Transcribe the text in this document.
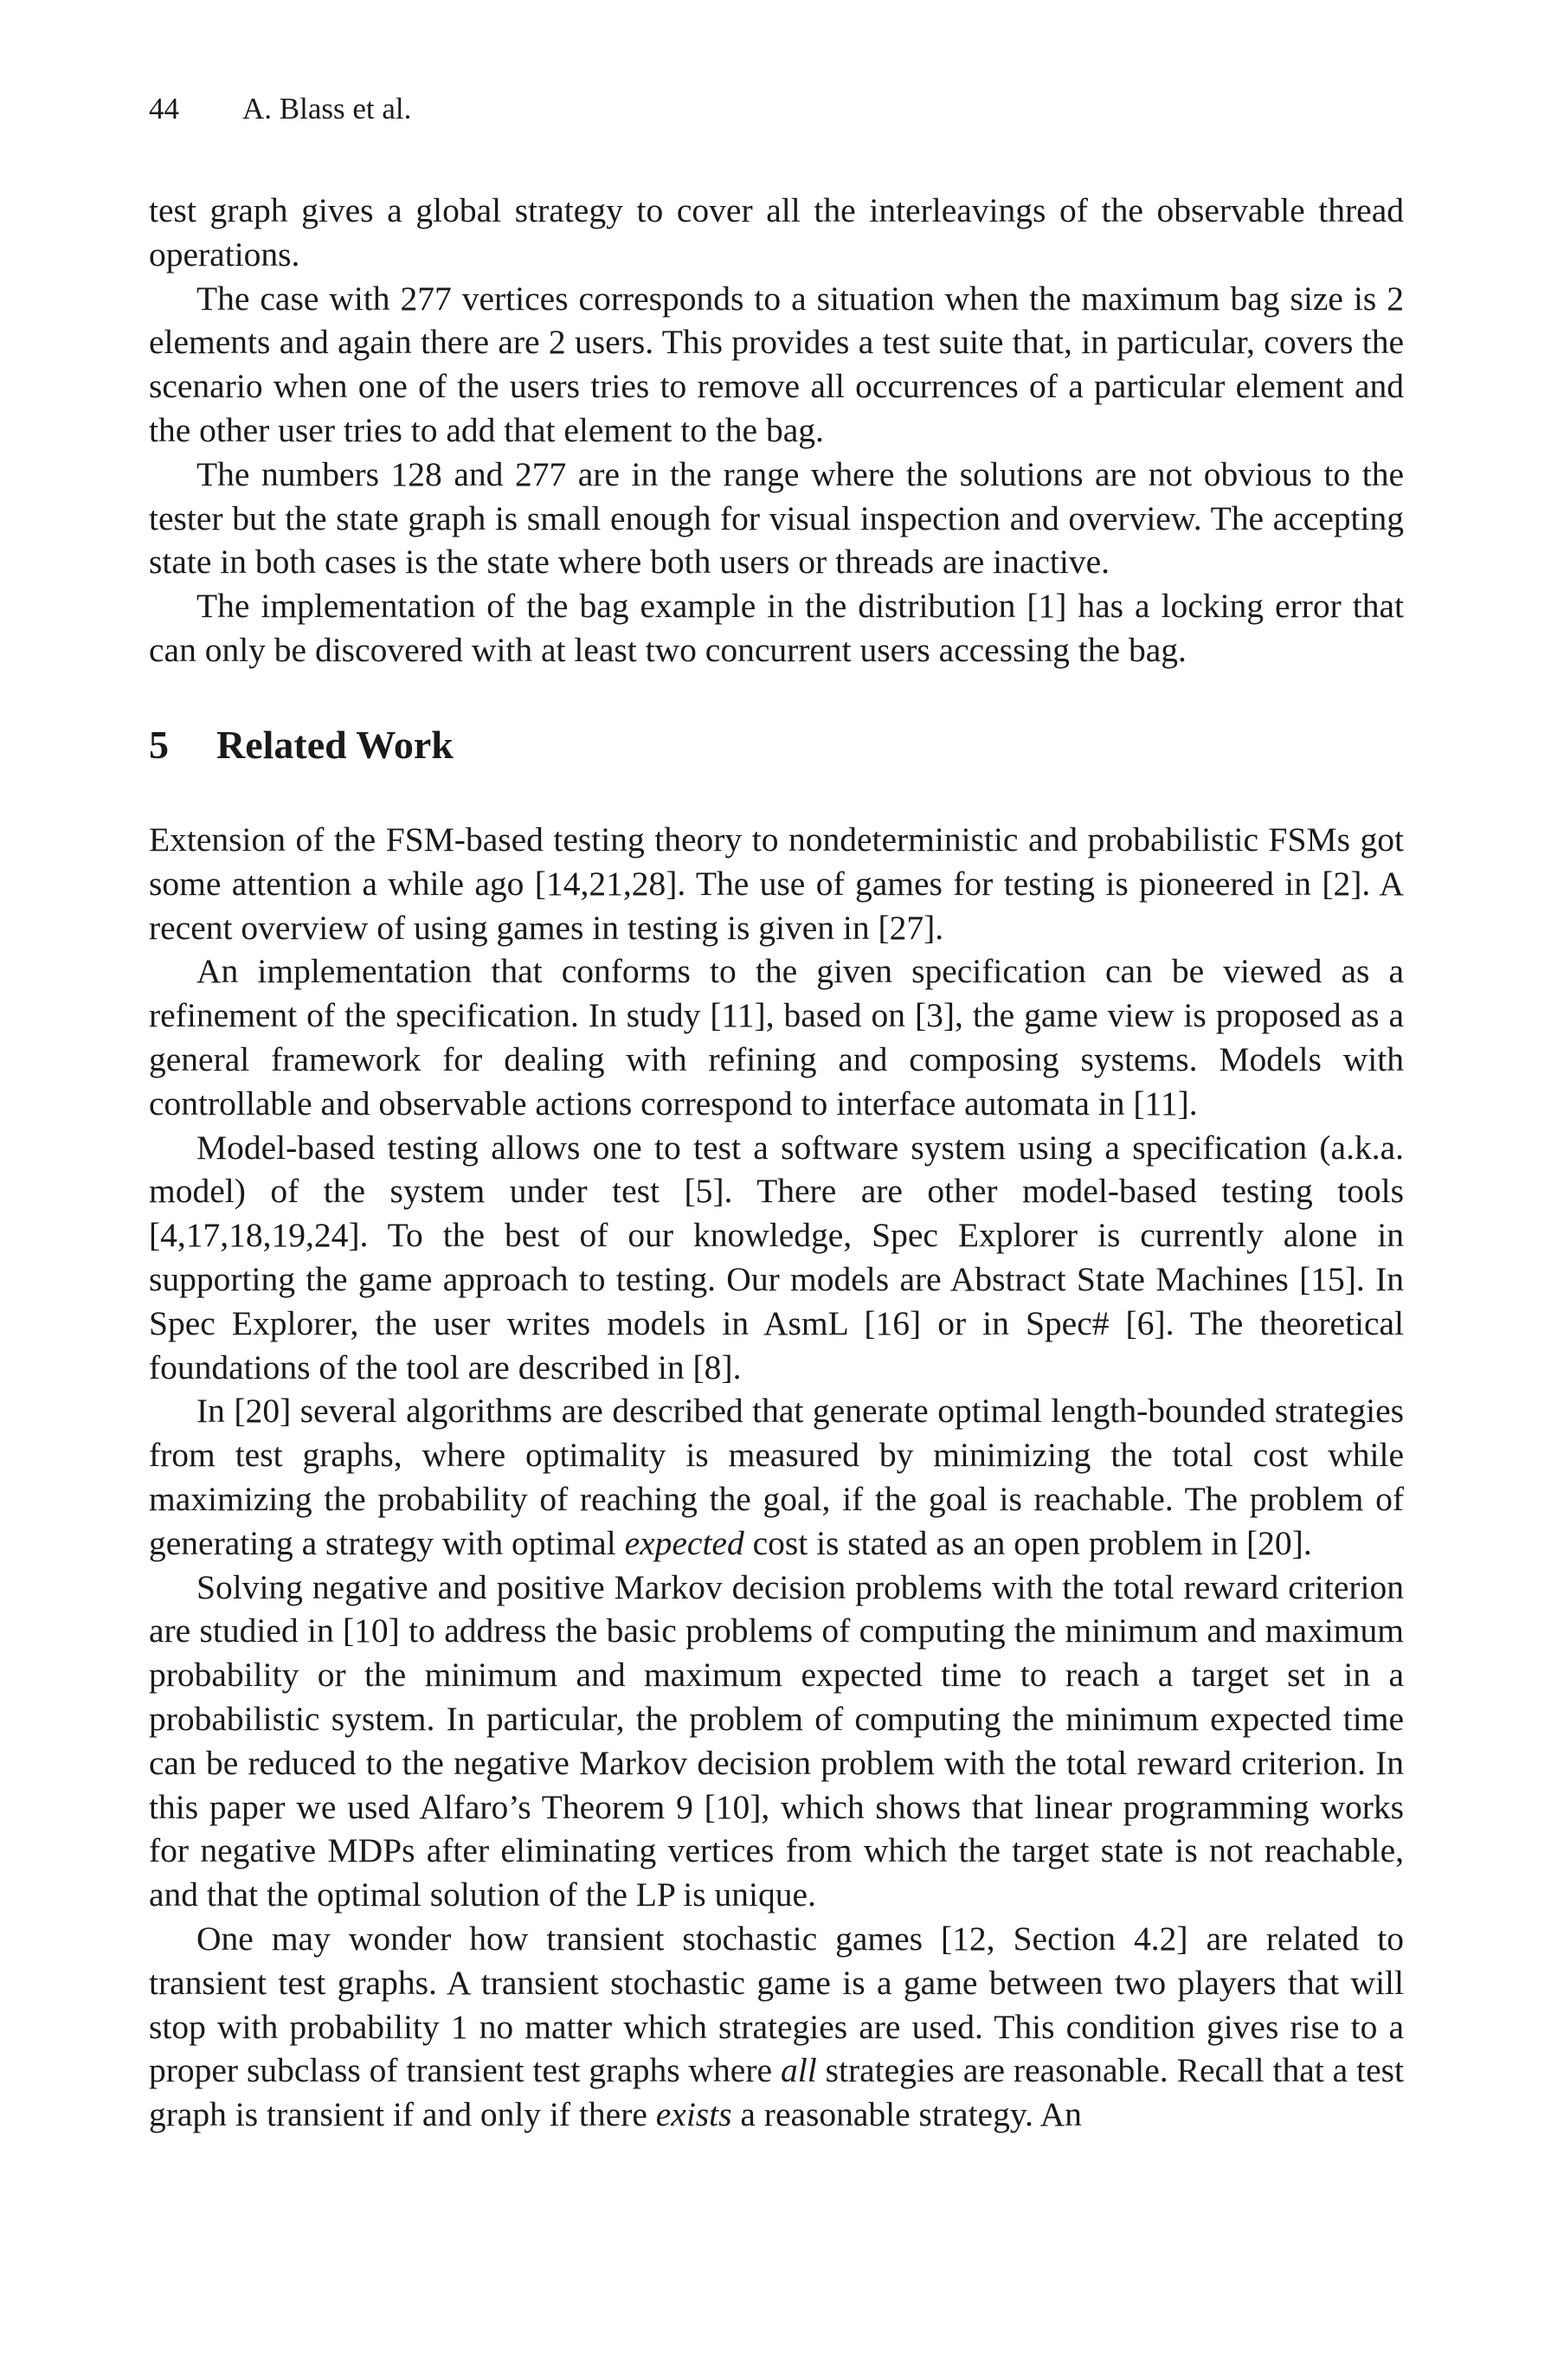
44 A. Blass et al.

test graph gives a global strategy to cover all the interleavings of the observable thread operations.

The case with 277 vertices corresponds to a situation when the maximum bag size is 2 elements and again there are 2 users. This provides a test suite that, in particular, covers the scenario when one of the users tries to remove all occurrences of a particular element and the other user tries to add that element to the bag.

The numbers 128 and 277 are in the range where the solutions are not obvious to the tester but the state graph is small enough for visual inspection and overview. The accepting state in both cases is the state where both users or threads are inactive.

The implementation of the bag example in the distribution [1] has a locking error that can only be discovered with at least two concurrent users accessing the bag.

5 Related Work

Extension of the FSM-based testing theory to nondeterministic and probabilistic FSMs got some attention a while ago [14,21,28]. The use of games for testing is pioneered in [2]. A recent overview of using games in testing is given in [27].

An implementation that conforms to the given specification can be viewed as a refinement of the specification. In study [11], based on [3], the game view is proposed as a general framework for dealing with refining and composing systems. Models with controllable and observable actions correspond to interface automata in [11].

Model-based testing allows one to test a software system using a specification (a.k.a. model) of the system under test [5]. There are other model-based testing tools [4,17,18,19,24]. To the best of our knowledge, Spec Explorer is currently alone in supporting the game approach to testing. Our models are Abstract State Machines [15]. In Spec Explorer, the user writes models in AsmL [16] or in Spec# [6]. The theoretical foundations of the tool are described in [8].

In [20] several algorithms are described that generate optimal length-bounded strategies from test graphs, where optimality is measured by minimizing the total cost while maximizing the probability of reaching the goal, if the goal is reachable. The problem of generating a strategy with optimal expected cost is stated as an open problem in [20].

Solving negative and positive Markov decision problems with the total reward criterion are studied in [10] to address the basic problems of computing the minimum and maximum probability or the minimum and maximum expected time to reach a target set in a probabilistic system. In particular, the problem of computing the minimum expected time can be reduced to the negative Markov decision problem with the total reward criterion. In this paper we used Alfaro’s Theorem 9 [10], which shows that linear programming works for negative MDPs after eliminating vertices from which the target state is not reachable, and that the optimal solution of the LP is unique.

One may wonder how transient stochastic games [12, Section 4.2] are related to transient test graphs. A transient stochastic game is a game between two players that will stop with probability 1 no matter which strategies are used. This condition gives rise to a proper subclass of transient test graphs where all strategies are reasonable. Recall that a test graph is transient if and only if there exists a reasonable strategy. An
